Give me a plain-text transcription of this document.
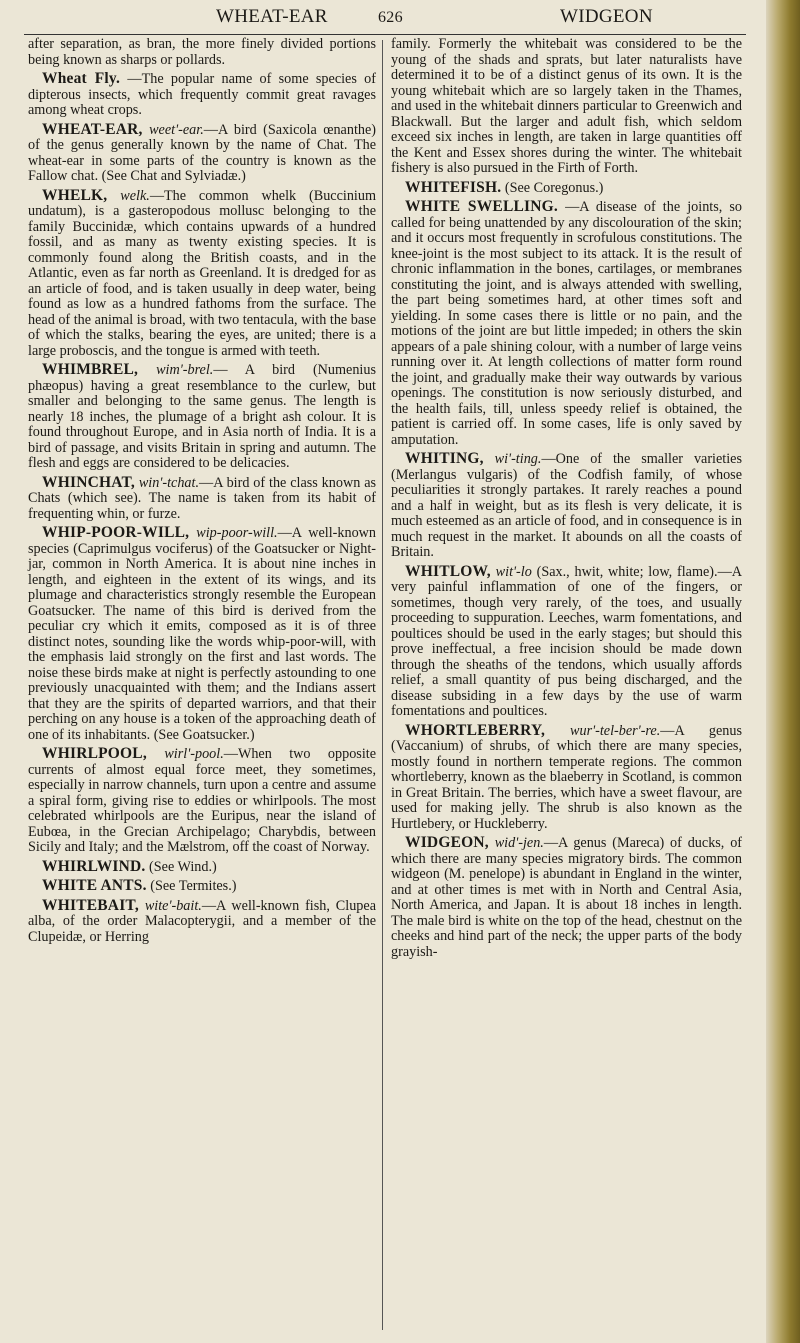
WHEAT-EAR	626	WIDGEON

after separation, as bran, the more finely divided portions being known as sharps or pollards.

Wheat Fly. —The popular name of some species of dipterous insects, which frequently commit great ravages among wheat crops.

WHEAT-EAR, weet'-ear.—A bird (Saxicola œnanthe) of the genus generally known by the name of Chat. The wheat-ear in some parts of the country is known as the Fallow chat. (See Chat and Sylviadæ.)

WHELK, welk.—The common whelk (Buccinium undatum), is a gasteropodous mollusc belonging to the family Buccinidæ, which contains upwards of a hundred fossil, and as many as twenty existing species. It is commonly found along the British coasts, and in the Atlantic, even as far north as Greenland. It is dredged for as an article of food, and is taken usually in deep water, being found as low as a hundred fathoms from the surface. The head of the animal is broad, with two tentacula, with the base of which the stalks, bearing the eyes, are united; there is a large proboscis, and the tongue is armed with teeth.

WHIMBREL, wim'-brel.— A bird (Numenius phæopus) having a great resemblance to the curlew, but smaller and belonging to the same genus. The length is nearly 18 inches, the plumage of a bright ash colour. It is found throughout Europe, and in Asia north of India. It is a bird of passage, and visits Britain in spring and autumn. The flesh and eggs are considered to be delicacies.

WHINCHAT, win'-tchat.—A bird of the class known as Chats (which see). The name is taken from its habit of frequenting whin, or furze.

WHIP-POOR-WILL, wip-poor-will.—A well-known species (Caprimulgus vociferus) of the Goatsucker or Night-jar, common in North America. It is about nine inches in length, and eighteen in the extent of its wings, and its plumage and characteristics strongly resemble the European Goatsucker. The name of this bird is derived from the peculiar cry which it emits, composed as it is of three distinct notes, sounding like the words whip-poor-will, with the emphasis laid strongly on the first and last words. The noise these birds make at night is perfectly astounding to one previously unacquainted with them; and the Indians assert that they are the spirits of departed warriors, and that their perching on any house is a token of the approaching death of one of its inhabitants. (See Goatsucker.)

WHIRLPOOL, wirl'-pool.—When two opposite currents of almost equal force meet, they sometimes, especially in narrow channels, turn upon a centre and assume a spiral form, giving rise to eddies or whirlpools. The most celebrated whirlpools are the Euripus, near the island of Eubœa, in the Grecian Archipelago; Charybdis, between Sicily and Italy; and the Mælstrom, off the coast of Norway.

WHIRLWIND. (See Wind.)

WHITE ANTS. (See Termites.)

WHITEBAIT, wite'-bait.—A well-known fish, Clupea alba, of the order Malacopterygii, and a member of the Clupeidæ, or Herring

family. Formerly the whitebait was considered to be the young of the shads and sprats, but later naturalists have determined it to be of a distinct genus of its own. It is the young whitebait which are so largely taken in the Thames, and used in the whitebait dinners particular to Greenwich and Blackwall. But the larger and adult fish, which seldom exceed six inches in length, are taken in large quantities off the Kent and Essex shores during the winter. The whitebait fishery is also pursued in the Firth of Forth.

WHITEFISH. (See Coregonus.)

WHITE SWELLING. —A disease of the joints, so called for being unattended by any discolouration of the skin; and it occurs most frequently in scrofulous constitutions. The knee-joint is the most subject to its attack. It is the result of chronic inflammation in the bones, cartilages, or membranes constituting the joint, and is always attended with swelling, the part being sometimes hard, at other times soft and yielding. In some cases there is little or no pain, and the motions of the joint are but little impeded; in others the skin appears of a pale shining colour, with a number of large veins running over it. At length collections of matter form round the joint, and gradually make their way outwards by various openings. The constitution is now seriously disturbed, and the health fails, till, unless speedy relief is obtained, the patient is carried off. In some cases, life is only saved by amputation.

WHITING, wi'-ting.—One of the smaller varieties (Merlangus vulgaris) of the Codfish family, of whose peculiarities it strongly partakes. It rarely reaches a pound and a half in weight, but as its flesh is very delicate, it is much esteemed as an article of food, and in consequence is in much request in the market. It abounds on all the coasts of Britain.

WHITLOW, wit'-lo (Sax., hwit, white; low, flame).—A very painful inflammation of one of the fingers, or sometimes, though very rarely, of the toes, and usually proceeding to suppuration. Leeches, warm fomentations, and poultices should be used in the early stages; but should this prove ineffectual, a free incision should be made down through the sheaths of the tendons, which usually affords relief, a small quantity of pus being discharged, and the disease subsiding in a few days by the use of warm fomentations and poultices.

WHORTLEBERRY, wur'-tel-ber'-re.—A genus (Vaccanium) of shrubs, of which there are many species, mostly found in northern temperate regions. The common whortleberry, known as the blaeberry in Scotland, is common in Great Britain. The berries, which have a sweet flavour, are used for making jelly. The shrub is also known as the Hurtlebery, or Huckleberry.

WIDGEON, wid'-jen.—A genus (Mareca) of ducks, of which there are many species migratory birds. The common widgeon (M. penelope) is abundant in England in the winter, and at other times is met with in North and Central Asia, North America, and Japan. It is about 18 inches in length. The male bird is white on the top of the head, chestnut on the cheeks and hind part of the neck; the upper parts of the body grayish-
